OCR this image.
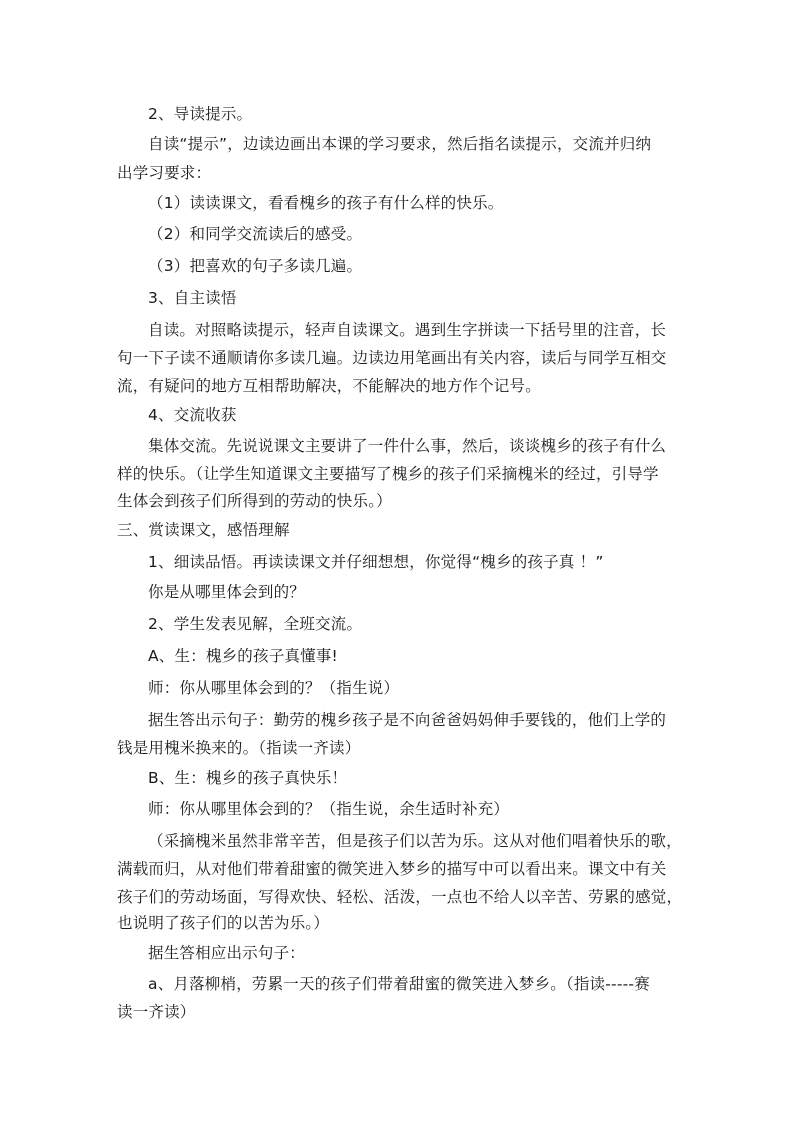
2、导读提示。
自读“提示”，边读边画出本课的学习要求，然后指名读提示，交流并归纳
出学习要求：
（1）读读课文，看看槐乡的孩子有什么样的快乐。
（2）和同学交流读后的感受。
（3）把喜欢的句子多读几遍。
3、自主读悟
自读。对照略读提示，轻声自读课文。遇到生字拼读一下括号里的注音，长
句一下子读不通顺请你多读几遍。边读边用笔画出有关内容，读后与同学互相交
流，有疑问的地方互相帮助解决，不能解决的地方作个记号。
4、交流收获
集体交流。先说说课文主要讲了一件什么事，然后，谈谈槐乡的孩子有什么
样的快乐。（让学生知道课文主要描写了槐乡的孩子们采摘槐米的经过，引导学
生体会到孩子们所得到的劳动的快乐。）
三、赏读课文，感悟理解
1、细读品悟。再读读课文并仔细想想，你觉得“槐乡的孩子真 ！”
你是从哪里体会到的？
2、学生发表见解，全班交流。
A、生：槐乡的孩子真懂事!
师：你从哪里体会到的？（指生说）
据生答出示句子：勤劳的槐乡孩子是不向爸爸妈妈伸手要钱的，他们上学的
钱是用槐米换来的。（指读一齐读）
B、生：槐乡的孩子真快乐！
师：你从哪里体会到的？（指生说，余生适时补充）
（采摘槐米虽然非常辛苦，但是孩子们以苦为乐。这从对他们唱着快乐的歌，
满载而归，从对他们带着甜蜜的微笑进入梦乡的描写中可以看出来。课文中有关
孩子们的劳动场面，写得欢快、轻松、活泼，一点也不给人以辛苦、劳累的感觉，
也说明了孩子们的以苦为乐。）
据生答相应出示句子：
a、月落柳梢，劳累一天的孩子们带着甜蜜的微笑进入梦乡。（指读-----赛
读一齐读）
